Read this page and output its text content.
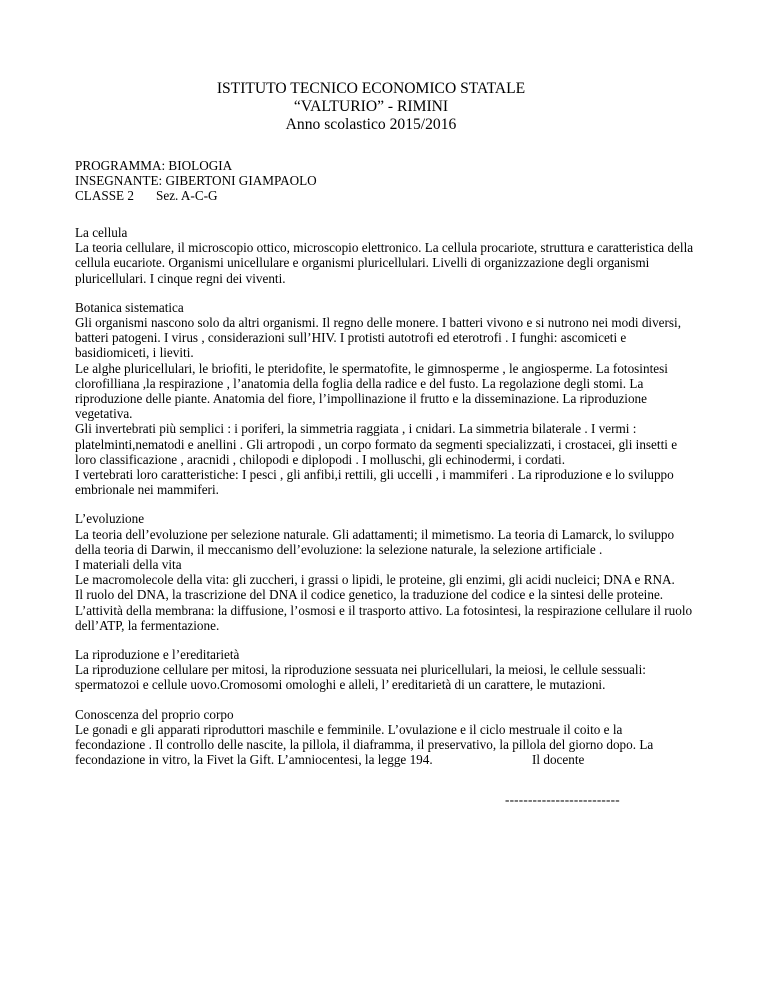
ISTITUTO TECNICO ECONOMICO STATALE
“VALTURIO” - RIMINI
Anno scolastico 2015/2016
PROGRAMMA: BIOLOGIA
INSEGNANTE: GIBERTONI GIAMPAOLO
CLASSE 2 Sez. A-C-G
La cellula

La teoria cellulare, il microscopio ottico, microscopio elettronico. La cellula procariote, struttura e caratteristica della cellula eucariote. Organismi unicellulare e organismi pluricellulari. Livelli di organizzazione degli organismi pluricellulari. I cinque regni dei viventi.

Botanica sistematica

Gli organismi nascono solo da altri organismi. Il regno delle monere. I batteri vivono e si nutrono nei modi diversi, batteri patogeni. I virus , considerazioni sull’HIV. I protisti autotrofi ed eterotrofi . I funghi: ascomiceti e basidiomiceti, i lieviti.

Le alghe pluricellulari, le briofiti, le pteridofite, le spermatofite, le gimnosperme , le angiosperme. La fotosintesi clorofilliana ,la respirazione , l’anatomia della foglia della radice e del fusto. La regolazione degli stomi. La riproduzione delle piante. Anatomia del fiore, l’impollinazione il frutto e la disseminazione. La riproduzione vegetativa.

Gli invertebrati più semplici : i poriferi, la simmetria raggiata , i cnidari. La simmetria bilaterale . I vermi : platelminti,nematodi e anellini . Gli artropodi , un corpo formato da segmenti specializzati, i crostacei, gli insetti e loro classificazione , aracnidi , chilopodi e diplopodi . I molluschi, gli echinodermi, i cordati.

I vertebrati loro caratteristiche: I pesci , gli anfibi,i rettili, gli uccelli , i mammiferi . La riproduzione e lo sviluppo embrionale nei mammiferi.

L’evoluzione

La teoria dell’evoluzione per selezione naturale. Gli adattamenti; il mimetismo. La teoria di Lamarck, lo sviluppo della teoria di Darwin, il meccanismo dell’evoluzione: la selezione naturale, la selezione artificiale .

I materiali della vita

Le macromolecole della vita: gli zuccheri, i grassi o lipidi, le proteine, gli enzimi, gli acidi nucleici; DNA e RNA.

Il ruolo del DNA, la trascrizione del DNA il codice genetico, la traduzione del codice e la sintesi delle proteine.

L’attività della membrana: la diffusione, l’osmosi e il trasporto attivo. La fotosintesi, la respirazione cellulare il ruolo dell’ATP, la fermentazione.

La riproduzione e l’ereditarietà

La riproduzione cellulare per mitosi, la riproduzione sessuata nei pluricellulari, la meiosi, le cellule sessuali: spermatozoi e cellule uovo.Cromosomi omologhi e alleli, l’ ereditarietà di un carattere, le mutazioni.

Conoscenza del proprio corpo

Le gonadi e gli apparati riproduttori maschile e femminile. L’ovulazione e il ciclo mestruale il coito e la fecondazione . Il controllo delle nascite, la pillola, il diaframma, il preservativo, la pillola del giorno dopo. La fecondazione in vitro, la Fivet la Gift. L’amniocentesi, la legge 194.	Il docente
-------------------------
